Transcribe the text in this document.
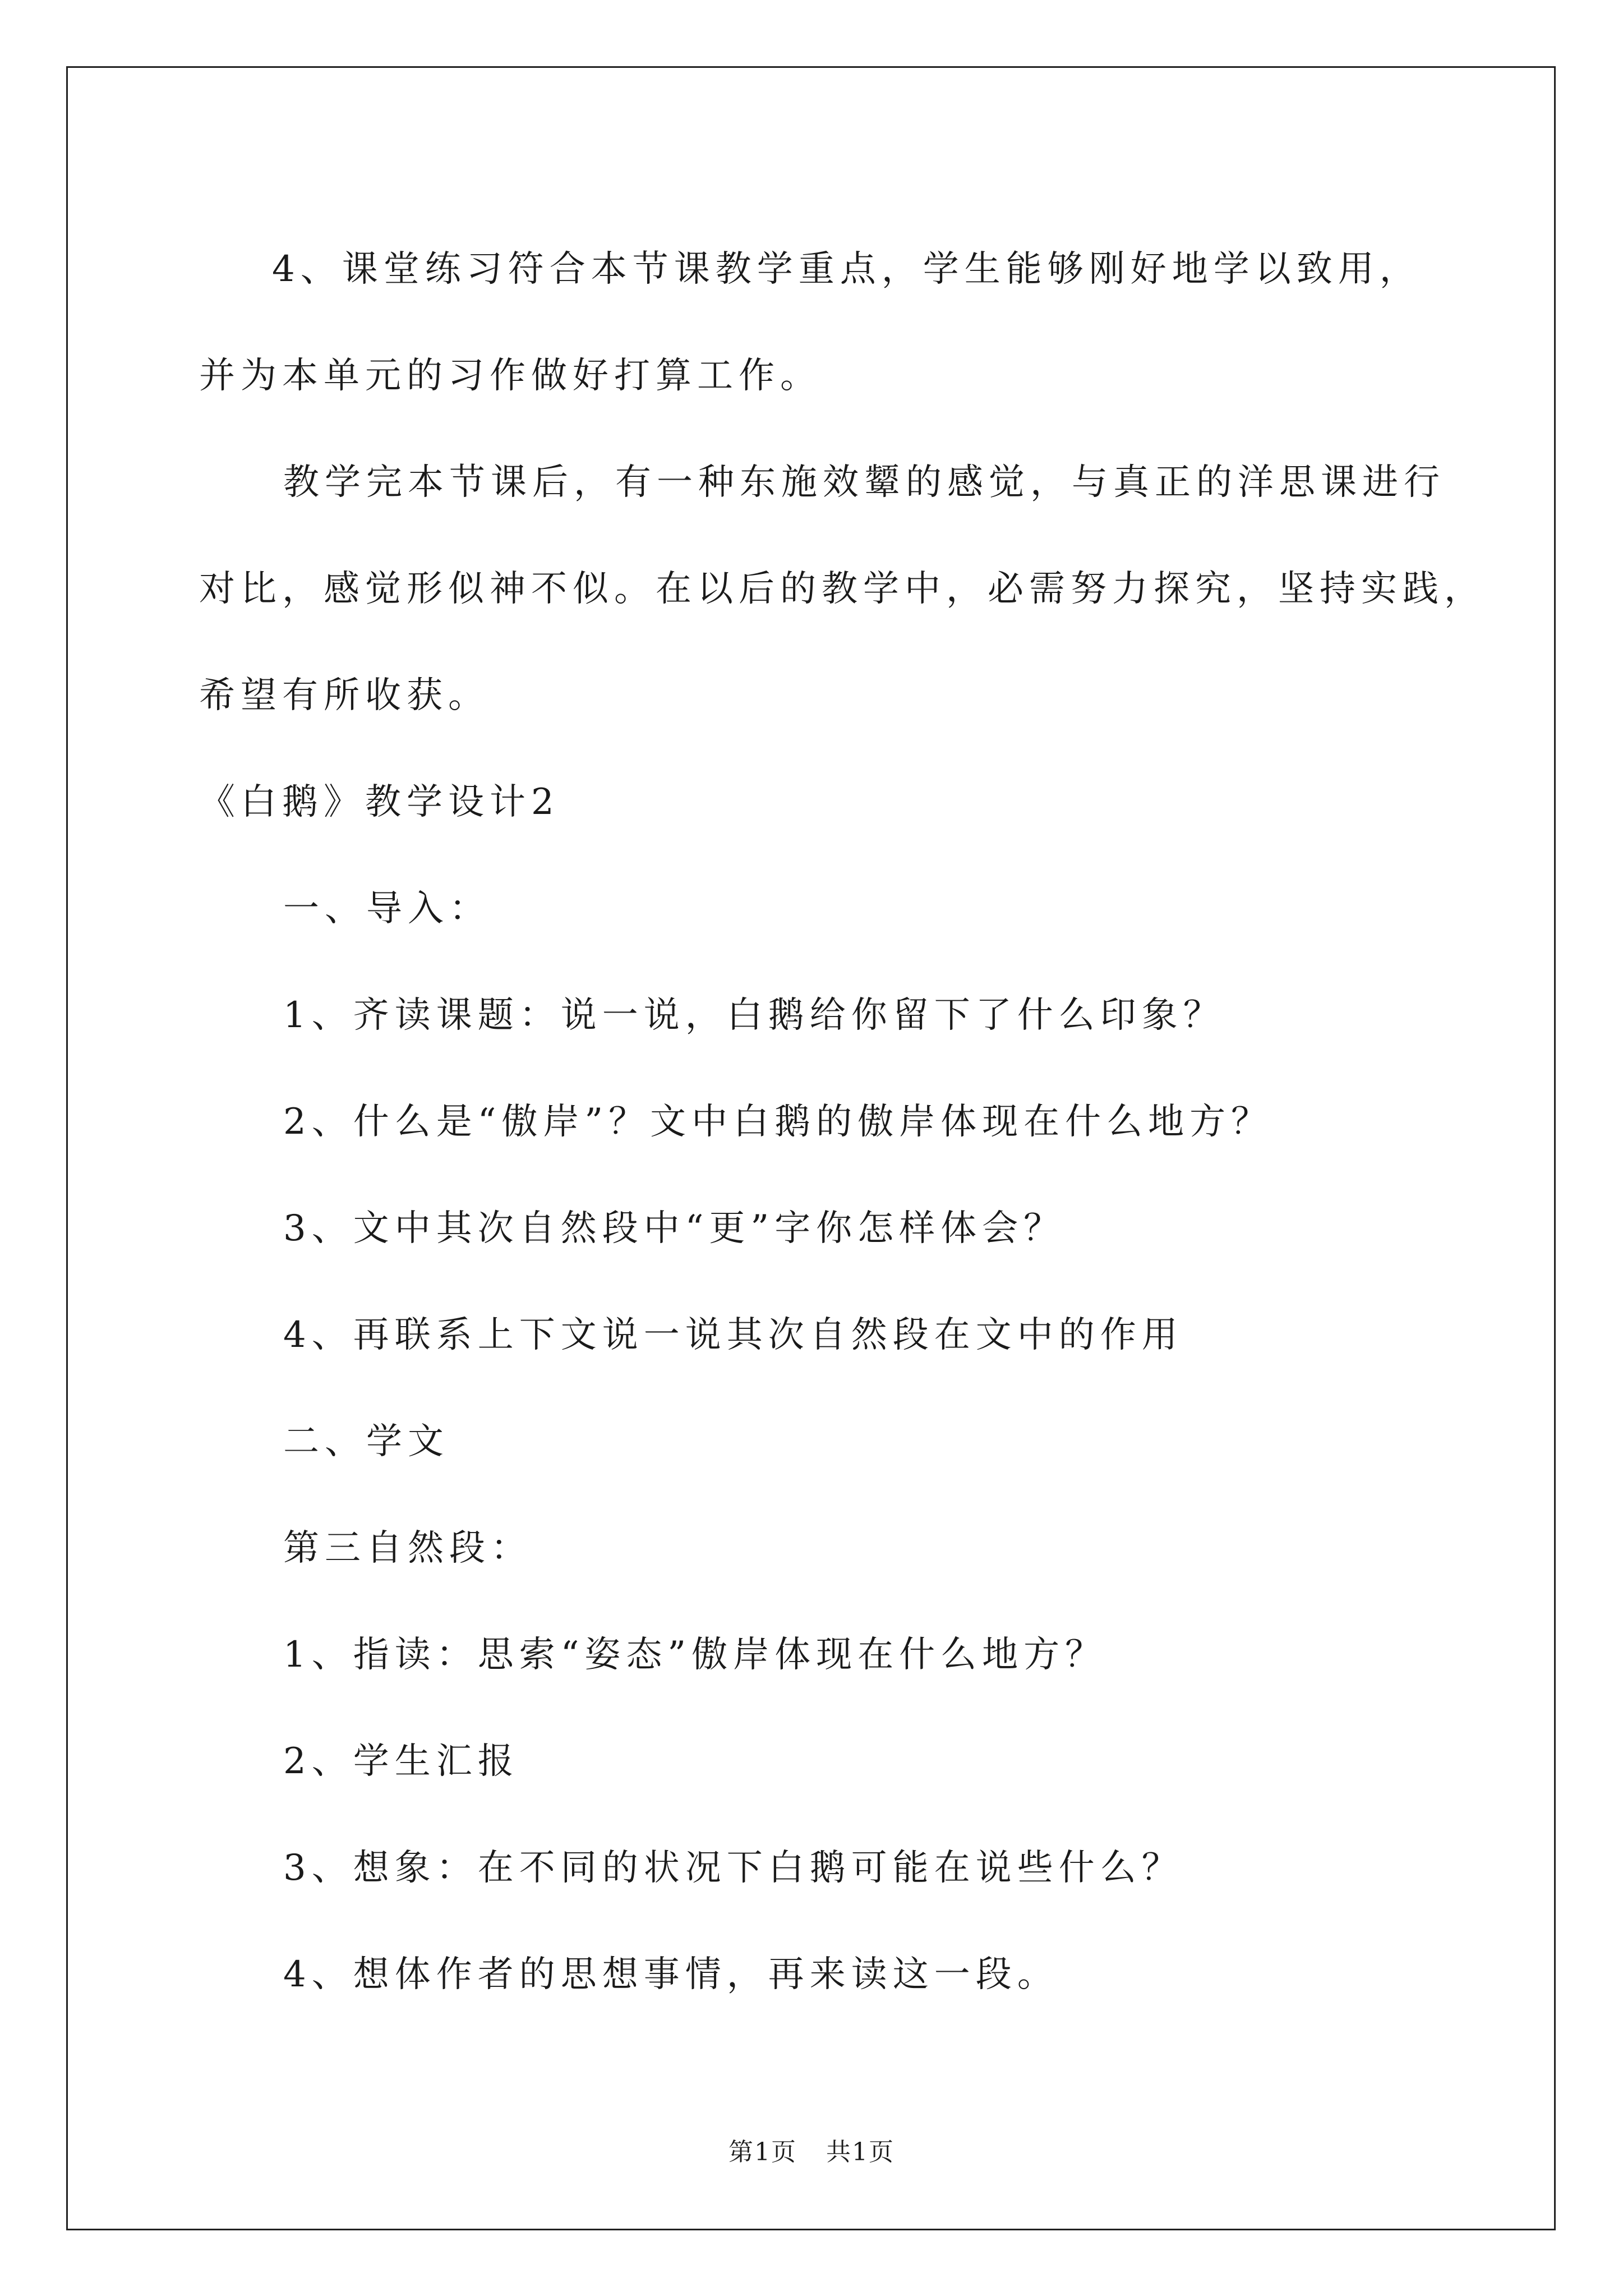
4、课堂练习符合本节课教学重点，学生能够刚好地学以致用，
并为本单元的习作做好打算工作。
教学完本节课后，有一种东施效颦的感觉，与真正的洋思课进行
对比，感觉形似神不似。在以后的教学中，必需努力探究，坚持实践，
希望有所收获。
《白鹅》教学设计2
一、导入：
1、齐读课题：说一说，白鹅给你留下了什么印象？
2、什么是“傲岸”？文中白鹅的傲岸体现在什么地方？
3、文中其次自然段中“更”字你怎样体会？
4、再联系上下文说一说其次自然段在文中的作用
二、学文
第三自然段：
1、指读：思索“姿态”傲岸体现在什么地方？
2、学生汇报
3、想象：在不同的状况下白鹅可能在说些什么？
4、想体作者的思想事情，再来读这一段。
第1页 共1页
